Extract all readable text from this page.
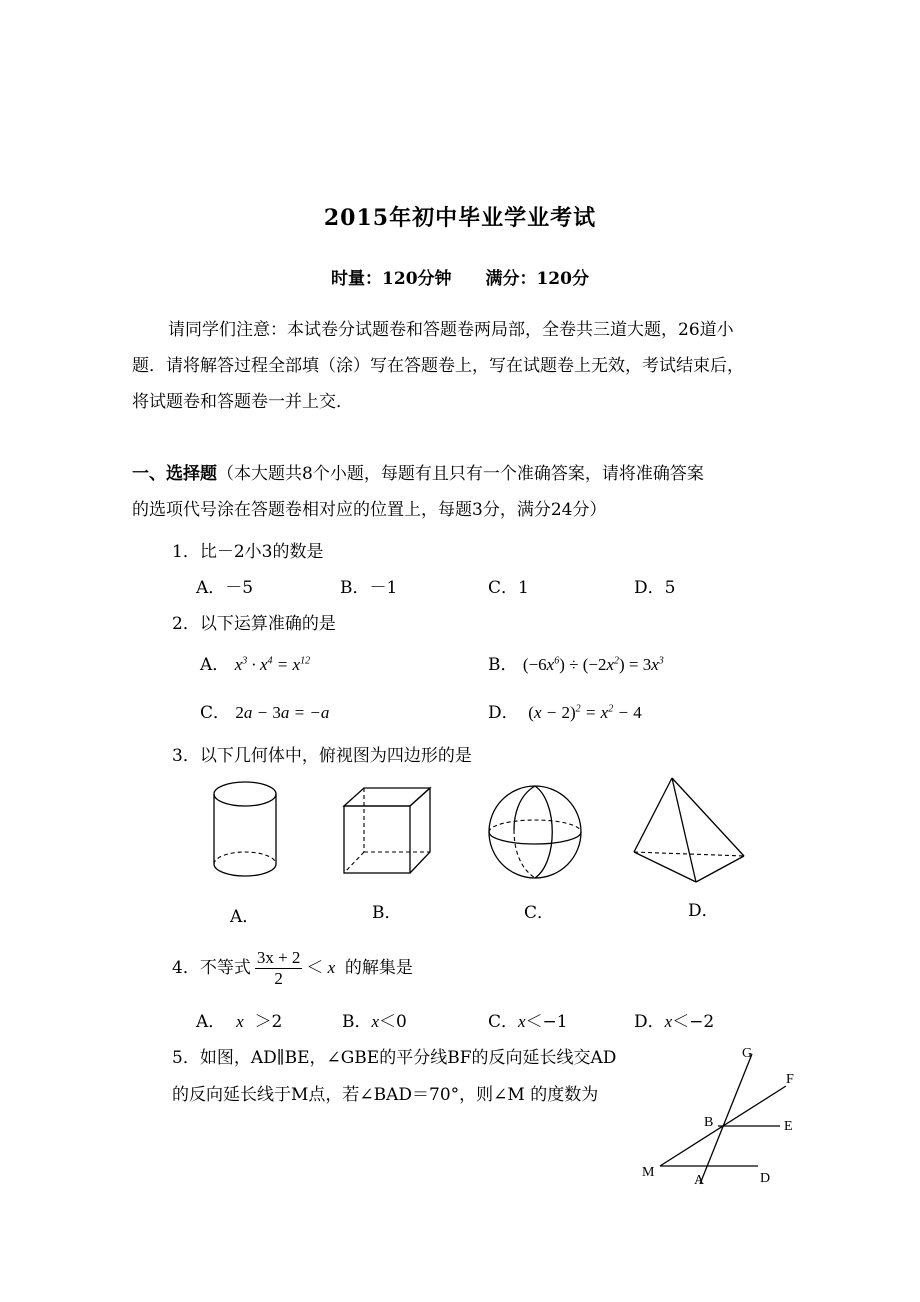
2015年初中毕业学业考试
时量：120分钟 满分：120分
请同学们注意：本试卷分试题卷和答题卷两局部，全卷共三道大题，26道小
题．请将解答过程全部填（涂）写在答题卷上，写在试题卷上无效，考试结束后，
将试题卷和答题卷一并上交．
一、选择题（本大题共8个小题，每题有且只有一个准确答案，请将准确答案
的选项代号涂在答题卷相对应的位置上，每题3分，满分24分）
1．比－2小3的数是
A．－5	B．－1	C．1	D．5
2．以下运算准确的是
A． $x^3 \cdot x^4 = x^{12}$	B． $(-6x^6) \div (-2x^2) = 3x^3$
C． 2a − 3a = −a	D． $(x - 2)^2 = x^2 - 4$
3．以下几何体中，俯视图为四边形的是
A．	B．	C．	D．
4．不等式 $\frac{3x + 2}{2} < x$  的解集是
A． x  ＞2	B．x＜0	C．x＜−1	D．x＜−2
5．如图，AD∥BE，∠GBE的平分线BF的反向延长线交AD
的反向延长线于M点，若∠BAD＝70°，则∠M 的度数为
G
F
B	E
M
A	D
